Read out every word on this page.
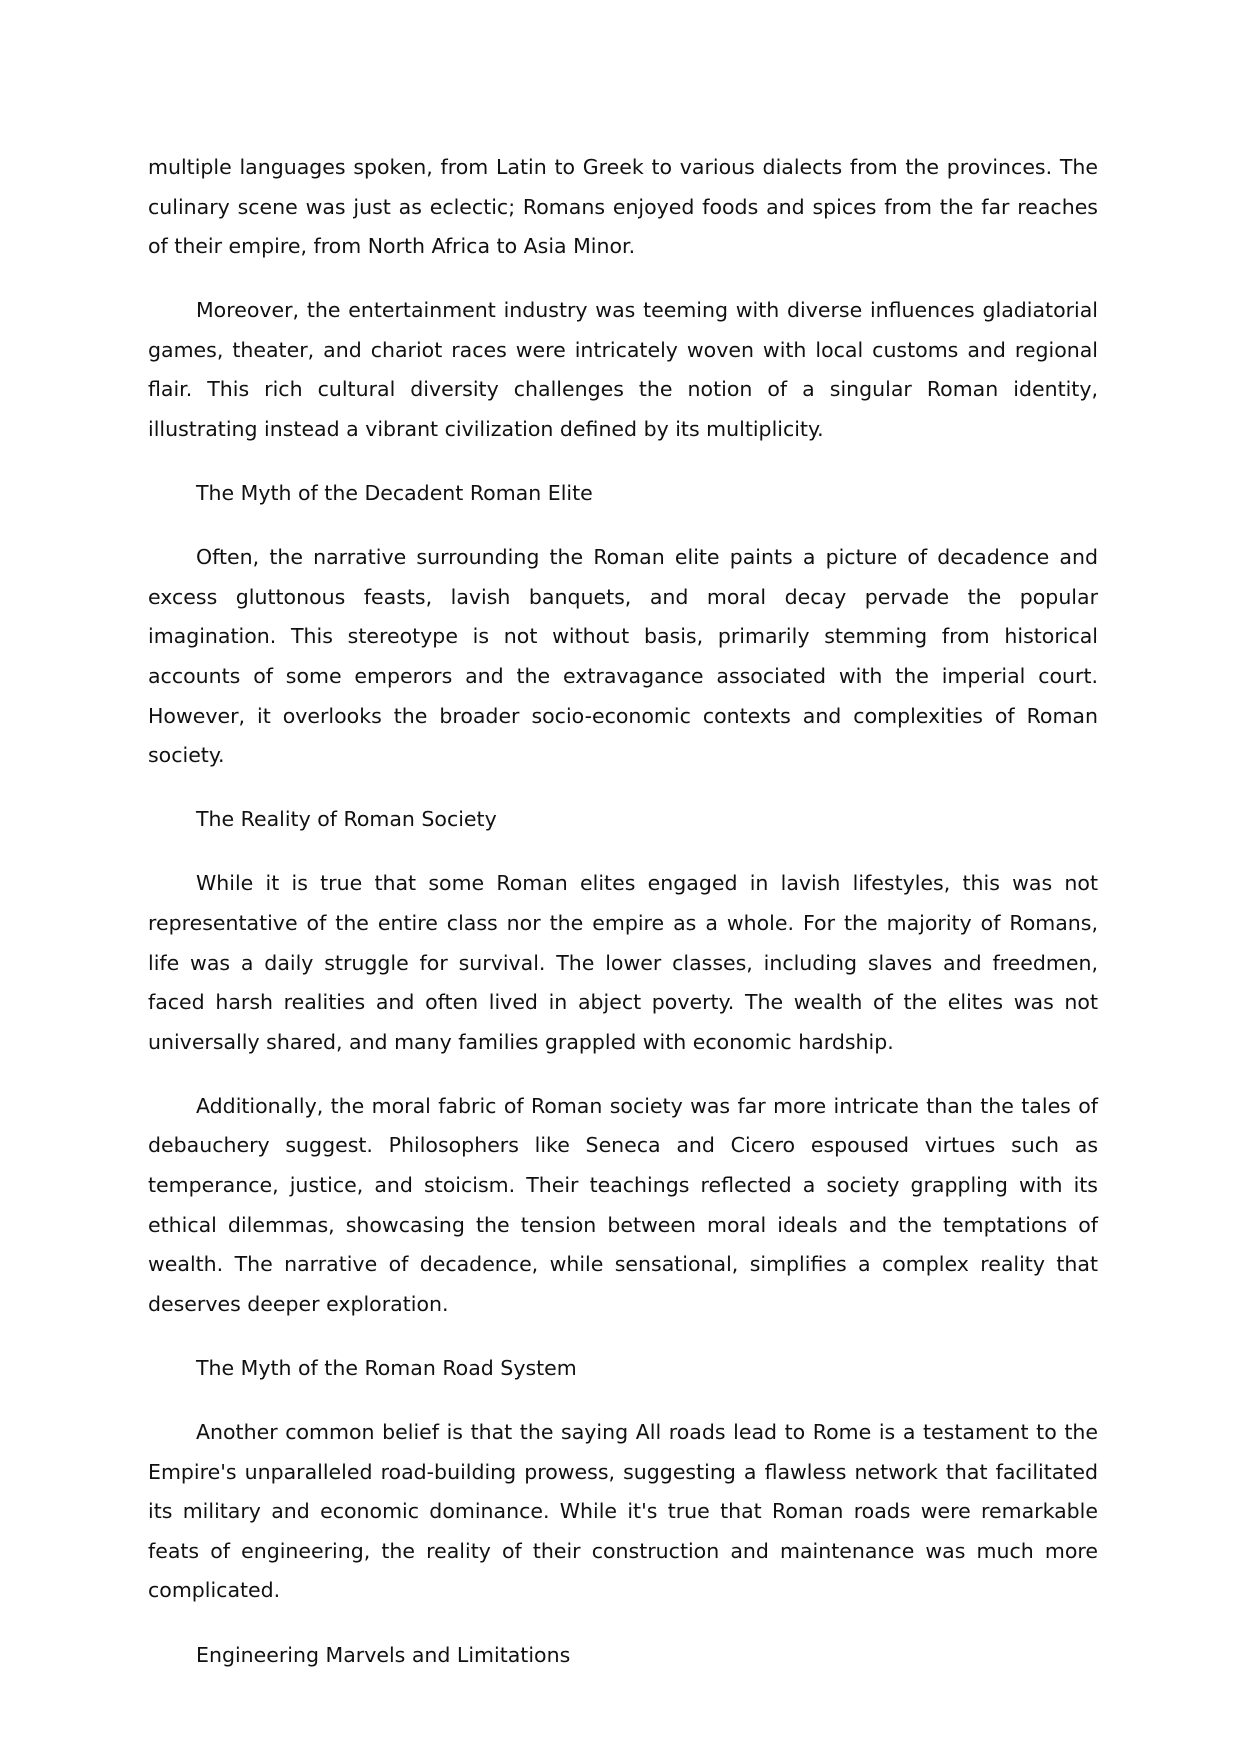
multiple languages spoken, from Latin to Greek to various dialects from the provinces. The culinary scene was just as eclectic; Romans enjoyed foods and spices from the far reaches of their empire, from North Africa to Asia Minor.

Moreover, the entertainment industry was teeming with diverse influences gladiatorial games, theater, and chariot races were intricately woven with local customs and regional flair. This rich cultural diversity challenges the notion of a singular Roman identity, illustrating instead a vibrant civilization defined by its multiplicity.

The Myth of the Decadent Roman Elite

Often, the narrative surrounding the Roman elite paints a picture of decadence and excess gluttonous feasts, lavish banquets, and moral decay pervade the popular imagination. This stereotype is not without basis, primarily stemming from historical accounts of some emperors and the extravagance associated with the imperial court. However, it overlooks the broader socio-economic contexts and complexities of Roman society.

The Reality of Roman Society

While it is true that some Roman elites engaged in lavish lifestyles, this was not representative of the entire class nor the empire as a whole. For the majority of Romans, life was a daily struggle for survival. The lower classes, including slaves and freedmen, faced harsh realities and often lived in abject poverty. The wealth of the elites was not universally shared, and many families grappled with economic hardship.

Additionally, the moral fabric of Roman society was far more intricate than the tales of debauchery suggest. Philosophers like Seneca and Cicero espoused virtues such as temperance, justice, and stoicism. Their teachings reflected a society grappling with its ethical dilemmas, showcasing the tension between moral ideals and the temptations of wealth. The narrative of decadence, while sensational, simplifies a complex reality that deserves deeper exploration.

The Myth of the Roman Road System

Another common belief is that the saying All roads lead to Rome is a testament to the Empire's unparalleled road-building prowess, suggesting a flawless network that facilitated its military and economic dominance. While it's true that Roman roads were remarkable feats of engineering, the reality of their construction and maintenance was much more complicated.

Engineering Marvels and Limitations
